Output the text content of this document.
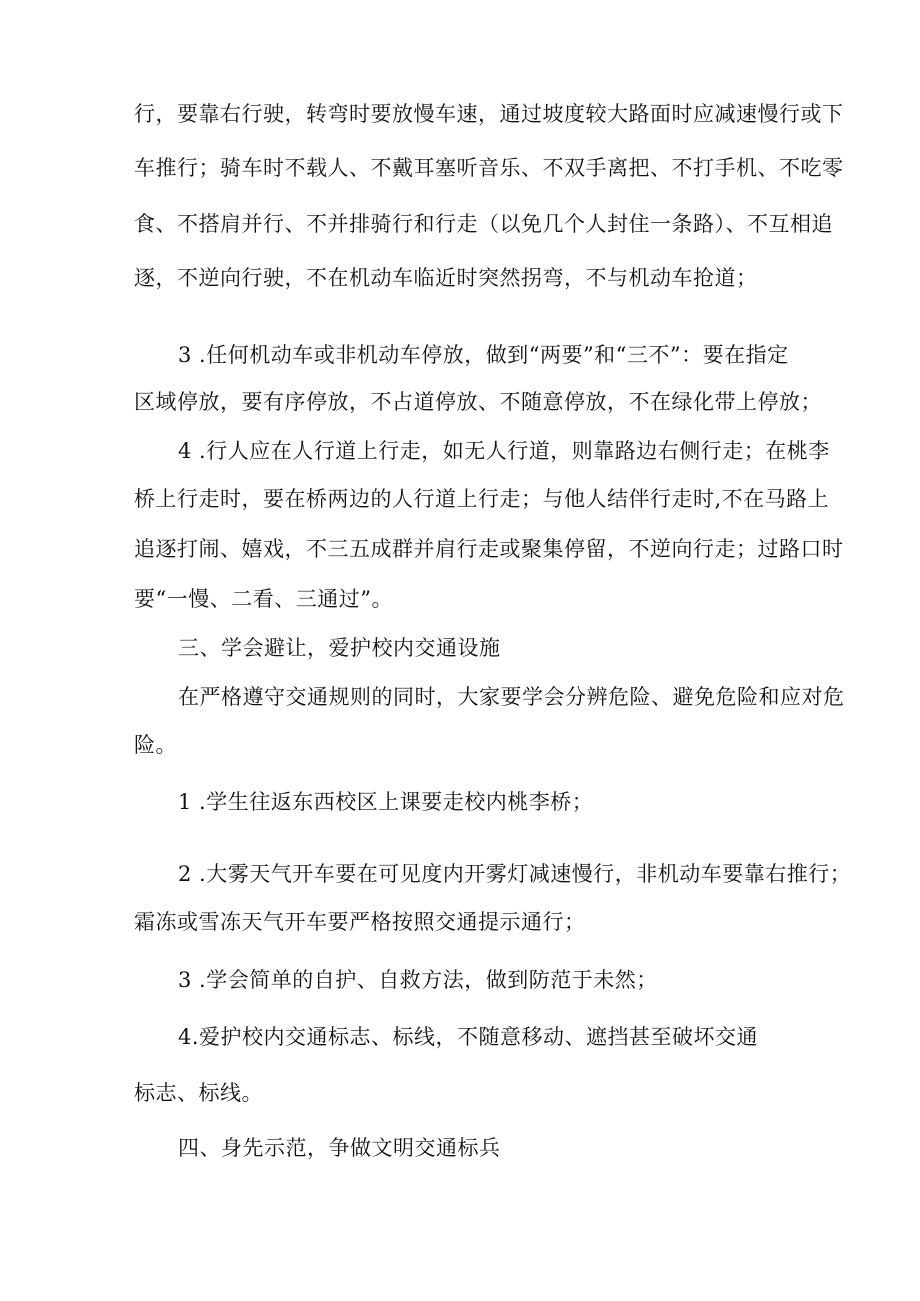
行，要靠右行驶，转弯时要放慢车速，通过坡度较大路面时应减速慢行或下
车推行；骑车时不载人、不戴耳塞听音乐、不双手离把、不打手机、不吃零
食、不搭肩并行、不并排骑行和行走（以免几个人封住一条路）、不互相追
逐，不逆向行驶，不在机动车临近时突然拐弯，不与机动车抢道；
3 .任何机动车或非机动车停放，做到“两要”和“三不”：要在指定
区域停放，要有序停放，不占道停放、不随意停放，不在绿化带上停放；
4 .行人应在人行道上行走，如无人行道，则靠路边右侧行走；在桃李
桥上行走时，要在桥两边的人行道上行走；与他人结伴行走时,不在马路上
追逐打闹、嬉戏，不三五成群并肩行走或聚集停留，不逆向行走；过路口时
要“一慢、二看、三通过”。
三、学会避让，爱护校内交通设施
在严格遵守交通规则的同时，大家要学会分辨危险、避免危险和应对危
险。
1 .学生往返东西校区上课要走校内桃李桥；
2 .大雾天气开车要在可见度内开雾灯减速慢行，非机动车要靠右推行；
霜冻或雪冻天气开车要严格按照交通提示通行；
3 .学会简单的自护、自救方法，做到防范于未然；
4.爱护校内交通标志、标线，不随意移动、遮挡甚至破坏交通
标志、标线。
四、身先示范，争做文明交通标兵
